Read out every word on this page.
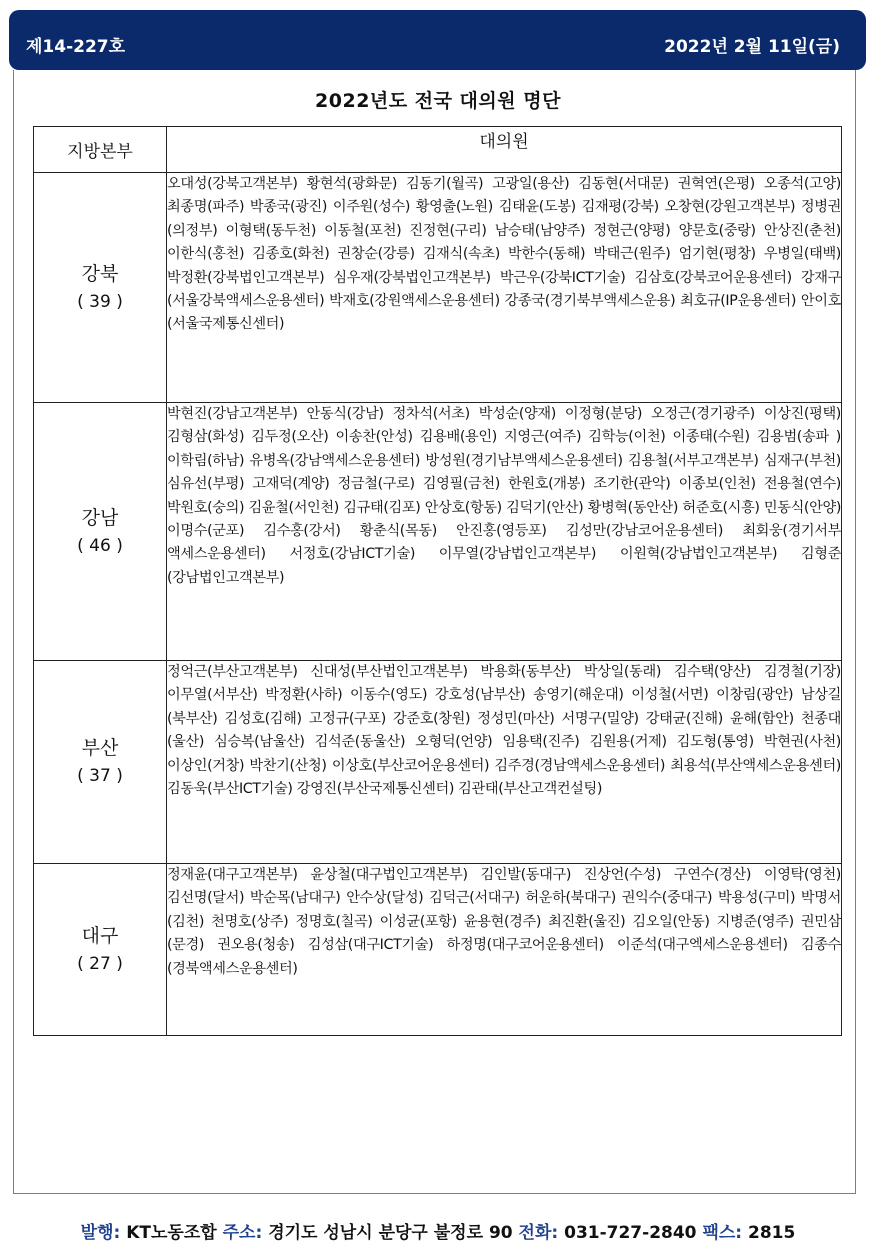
제14-227호	2022년 2월 11일(금)
2022년도 전국 대의원 명단
지방본부	대의원

강북
( 39 )	오대성(강북고객본부) 황현석(광화문) 김동기(월곡) 고광일(용산) 김동현(서대문) 권혁연(은평) 오종석(고양) 최종명(파주) 박종국(광진) 이주원(성수) 황영출(노원) 김태윤(도봉) 김재평(강북) 오창현(강원고객본부) 정병권(의정부) 이형택(동두천) 이동철(포천) 진정현(구리) 남승태(남양주) 정현근(양평) 양문호(중랑) 안상진(춘천) 이한식(홍천) 김종호(화천) 권창순(강릉) 김재식(속초) 박한수(동해) 박태근(원주) 엄기현(평창) 우병일(태백) 박정환(강북법인고객본부) 심우재(강북법인고객본부) 박근우(강북ICT기술) 김삼호(강북코어운용센터) 강재구(서울강북액세스운용센터) 박재호(강원액세스운용센터) 강종국(경기북부액세스운용) 최호규(IP운용센터) 안이호(서울국제통신센터)

강남
( 46 )	박현진(강남고객본부) 안동식(강남) 정차석(서초) 박성순(양재) 이정형(분당) 오정근(경기광주) 이상진(평택) 김형삼(화성) 김두정(오산) 이송찬(안성) 김용배(용인) 지영근(여주) 김학능(이천) 이종태(수원) 김용범(송파 ) 이학림(하남) 유병옥(강남액세스운용센터) 방성원(경기남부액세스운용센터) 김용철(서부고객본부) 심재구(부천) 심유선(부평) 고재덕(계양) 정금철(구로) 김영필(금천) 한원호(개봉) 조기한(관악) 이종보(인천) 전용철(연수) 박원호(숭의) 김윤철(서인천) 김규태(김포) 안상호(항동) 김덕기(안산) 황병혁(동안산) 허준호(시흥) 민동식(안양) 이명수(군포) 김수홍(강서) 황춘식(목동) 안진홍(영등포) 김성만(강남코어운용센터) 최회웅(경기서부 액세스운용센터) 서정호(강남ICT기술) 이무열(강남법인고객본부) 이원혁(강남법인고객본부) 김형준(강남법인고객본부)

부산
( 37 )	정억근(부산고객본부) 신대성(부산법인고객본부) 박용화(동부산) 박상일(동래) 김수택(양산) 김경철(기장) 이무열(서부산) 박정환(사하) 이동수(영도) 강호성(남부산) 송영기(해운대) 이성철(서면) 이창림(광안) 남상길(북부산) 김성호(김해) 고정규(구포) 강준호(창원) 정성민(마산) 서명구(밀양) 강태균(진해) 윤해(함안) 천종대(울산) 심승복(남울산) 김석준(동울산) 오형덕(언양) 임용택(진주) 김원용(거제) 김도형(통영) 박현권(사천) 이상인(거창) 박찬기(산청) 이상호(부산코어운용센터) 김주경(경남액세스운용센터) 최용석(부산액세스운용센터) 김동욱(부산ICT기술) 강영진(부산국제통신센터) 김관태(부산고객컨설팅)

대구
( 27 )	정재윤(대구고객본부) 윤상철(대구법인고객본부) 김인발(동대구) 진상언(수성) 구연수(경산) 이영탁(영천) 김선명(달서) 박순목(남대구) 안수상(달성) 김덕근(서대구) 허운하(북대구) 권익수(중대구) 박용성(구미) 박명서(김천) 천명호(상주) 정명호(칠곡) 이성균(포항) 윤용현(경주) 최진환(울진) 김오일(안동) 지병준(영주) 권민삼(문경) 권오용(청송) 김성삼(대구ICT기술) 하정명(대구코어운용센터) 이준석(대구엑세스운용센터) 김종수(경북액세스운용센터)
발행: KT노동조합 주소: 경기도 성남시 분당구 불정로 90 전화: 031-727-2840 팩스: 2815
